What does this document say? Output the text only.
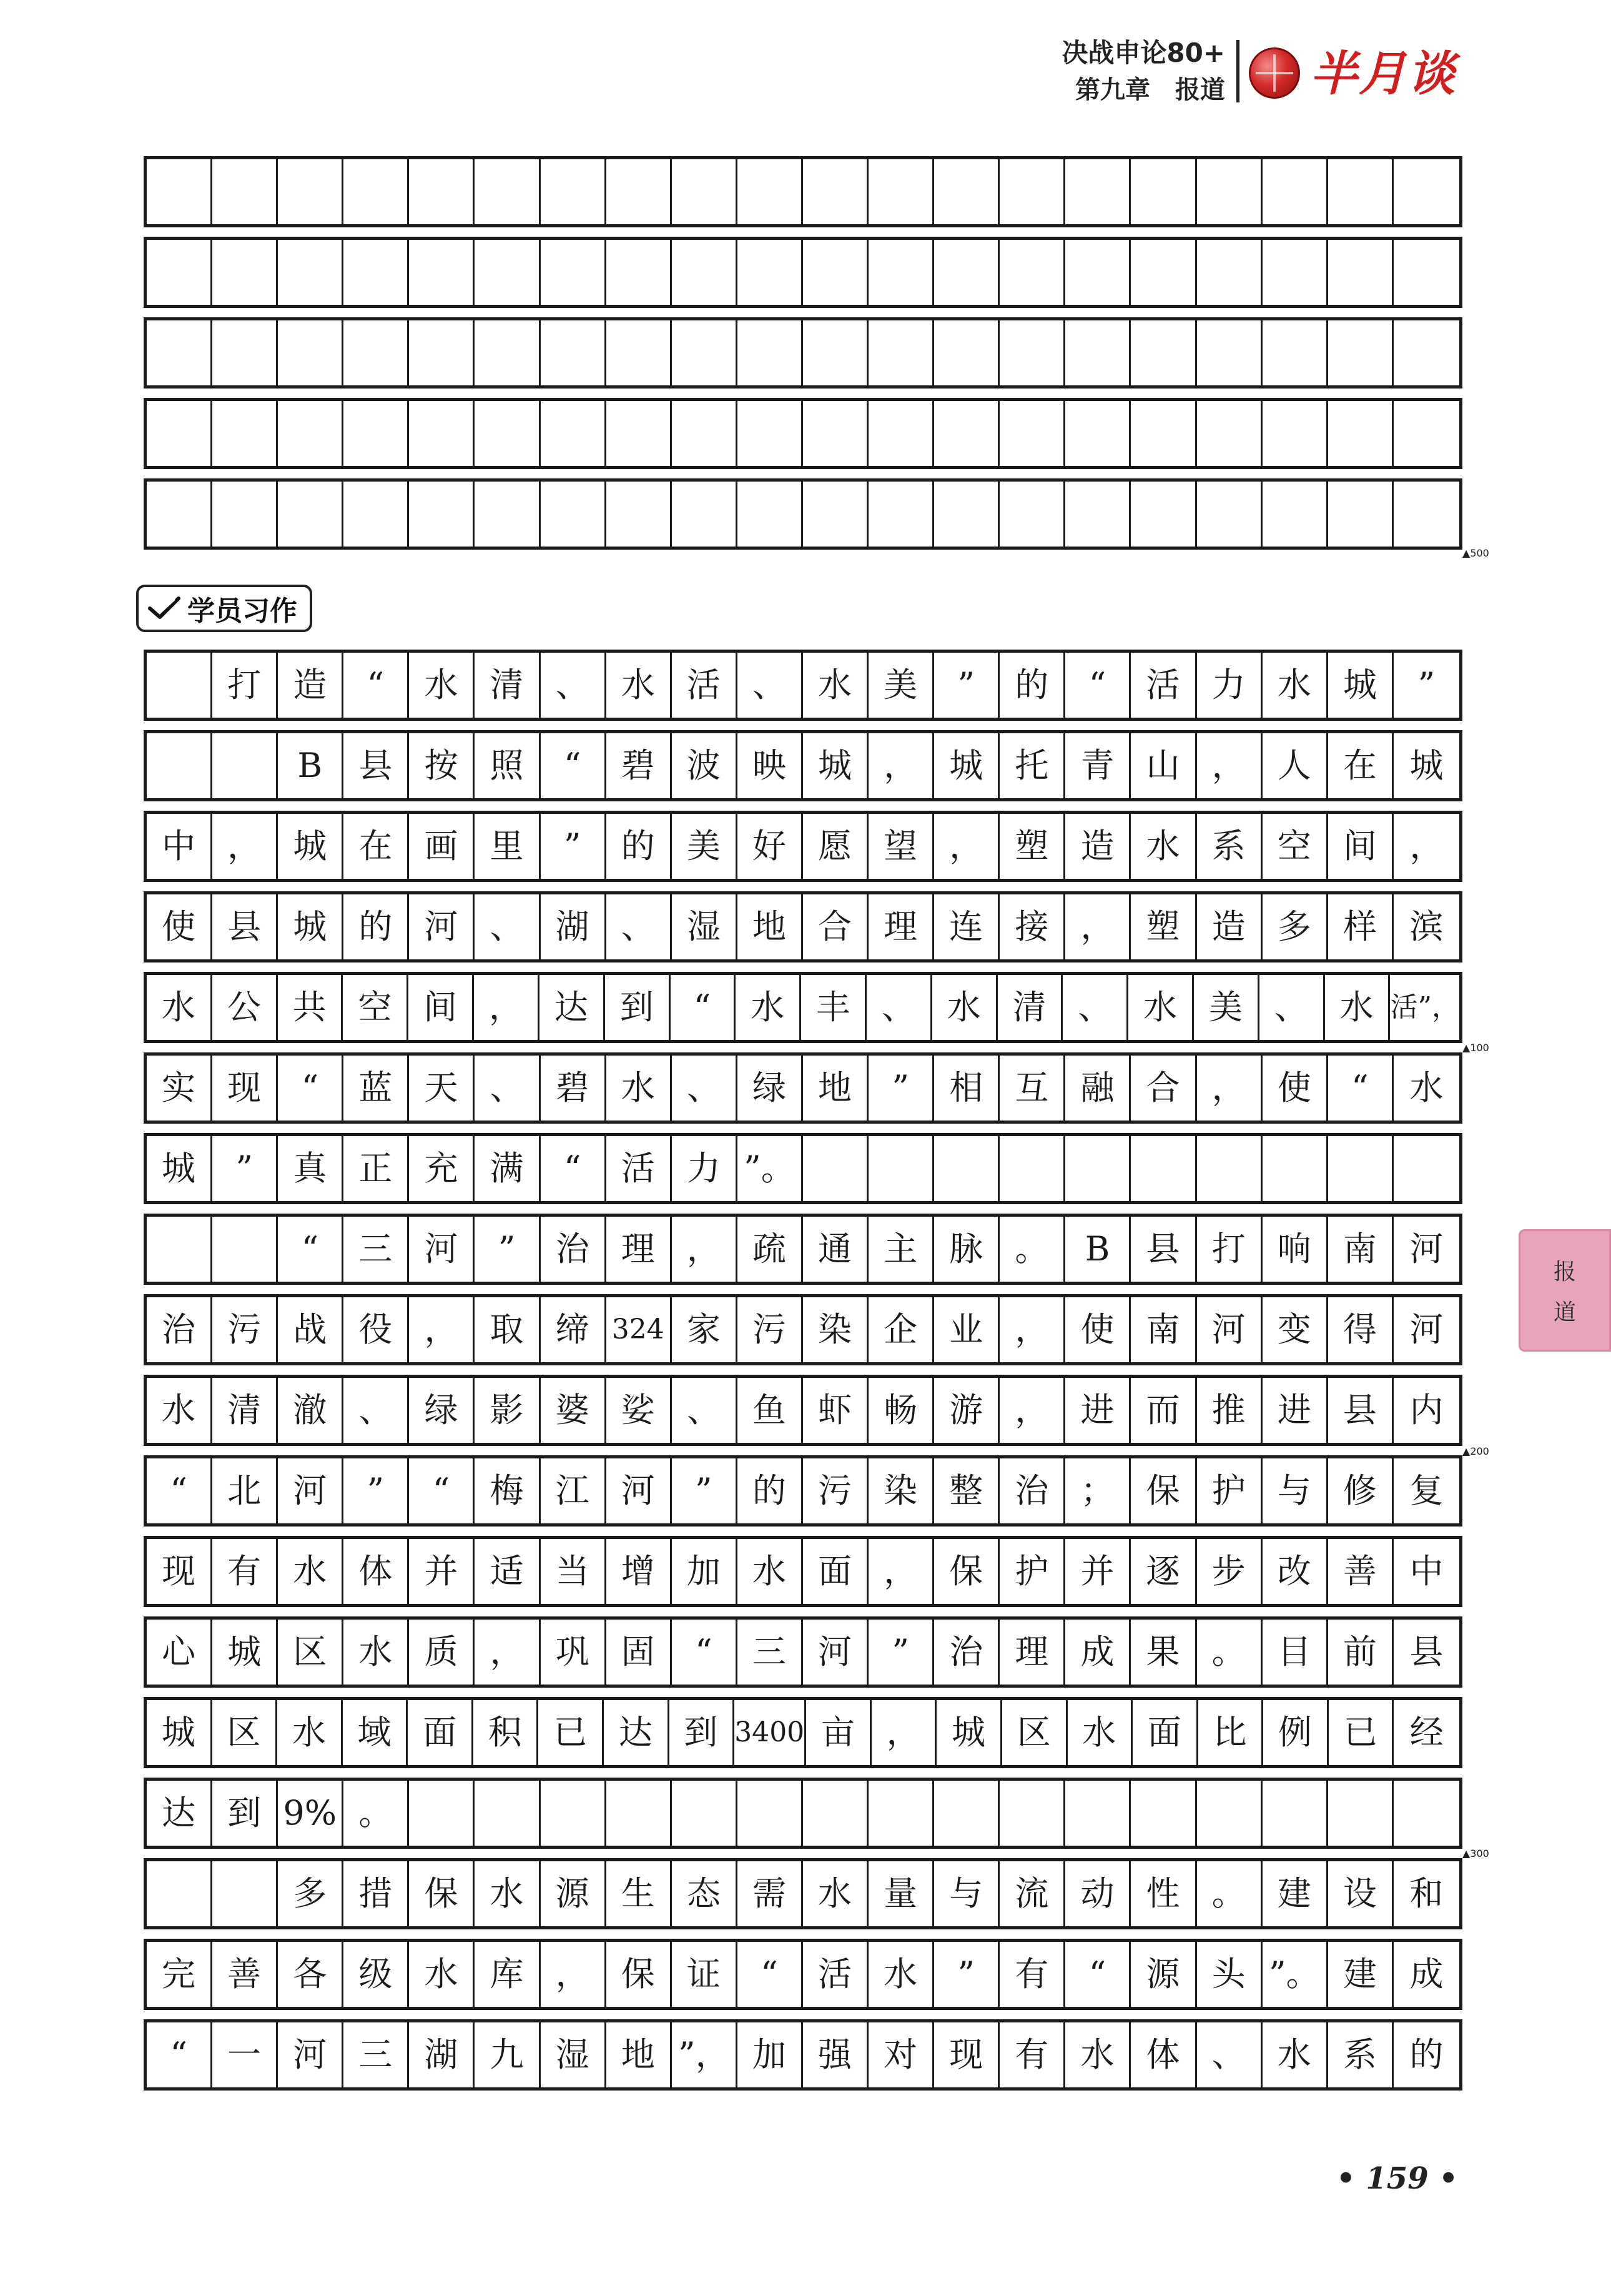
决战申论80+
第九章　报道 半月谈
▲500
学员习作
打 造	“	水 清 、 水 活 、 水 美	”	的	“	活 力 水 城	”
B	县 按 照	“	碧 波 映 城 ， 城 托 青 山 ， 人 在 城
中 ， 城 在 画 里	”	的 美 好 愿 望 ， 塑 造 水 系 空 间 ，
使 县 城 的 河 、 湖 、 湿 地 合 理 连 接 ， 塑 造 多 样 滨
水 公 共 空 间 ， 达 到	“	水 丰 、 水 清 、 水 美 、 水 活”，
实 现	“	蓝 天 、 碧 水 、 绿 地	”	相 互 融 合 ， 使	“	水
城	”	真 正 充 满	“	活 力 ”。
“	三 河	”	治 理 ， 疏 通 主 脉 。	B	县 打 响 南 河
治 污 战 役 ， 取 缔 324 家 污 染 企 业 ， 使 南 河 变 得 河
水 清 澈 、 绿 影 婆 娑 、 鱼 虾 畅 游 ， 进 而 推 进 县 内
“	北 河	”	“	梅 江 河	”	的 污 染 整 治 ； 保 护 与 修 复
现 有 水 体 并 适 当 增 加 水 面 ， 保 护 并 逐 步 改 善 中
心 城 区 水 质 ， 巩 固	“	三 河	”	治 理 成 果 。 目 前 县
城 区 水 域 面 积 已 达 到 3400 亩 ， 城 区 水 面 比 例 已 经
达 到 9% 。
多 措 保 水 源 生 态 需 水 量 与 流 动 性 。 建 设 和
完 善 各 级 水 库 ， 保 证	“	活 水	”	有	“	源 头 ”。 建 成
“	一 河 三 湖 九 湿 地 ”， 加 强 对 现 有 水 体 、 水 系 的
▲100
▲200
▲300
报
道
• 159 •
